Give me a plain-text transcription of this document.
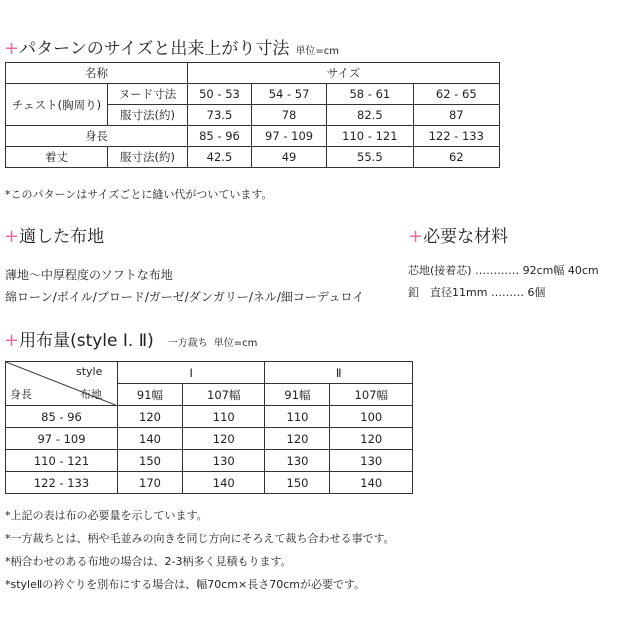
+パターンのサイズと出来上がり寸法 単位=cm
名称		サイズ			
チェスト(胸周り)	ヌード寸法	50 - 53	54 - 57	58 - 61	62 - 65
	服寸法(約)	73.5	78	82.5	87
身長		85 - 96	97 - 109	110 - 121	122 - 133
着丈	服寸法(約)	42.5	49	55.5	62
*このパターンはサイズごとに縫い代がついています。
+適した布地
薄地～中厚程度のソフトな布地
綿ローン/ボイル/ブロード/ガーゼ/ダンガリー/ネル/細コーデュロイ
+必要な材料
芯地(接着芯) ………… 92cm幅 40cm
釦　直径11mm ……… 6個
+用布量(style Ⅰ. Ⅱ) 一方裁ち 単位=cm
style
布地
身長	Ⅰ		Ⅱ	
	91幅	107幅	91幅	107幅
85 - 96	120	110	110	100
97 - 109	140	120	120	120
110 - 121	150	130	130	130
122 - 133	170	140	150	140
*上記の表は布の必要量を示しています。
*一方裁ちとは、柄や毛並みの向きを同じ方向にそろえて裁ち合わせる事です。
*柄合わせのある布地の場合は、2-3柄多く見積もります。
*styleⅡの衿ぐりを別布にする場合は、幅70cm×長さ70cmが必要です。
